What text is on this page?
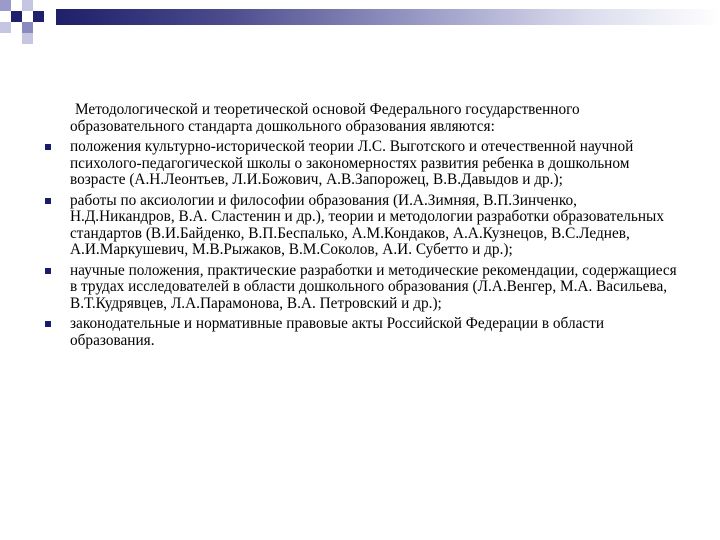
Методологической и теоретической основой Федерального государственного образовательного стандарта дошкольного образования являются:

положения культурно-исторической теории Л.С. Выготского и отечественной научной психолого-педагогической школы о закономерностях развития ребенка в дошкольном возрасте (А.Н.Леонтьев, Л.И.Божович, А.В.Запорожец, В.В.Давыдов и др.);
работы по аксиологии и философии образования (И.А.Зимняя, В.П.Зинченко, Н.Д.Никандров, В.А. Сластенин и др.), теории и методологии разработки образовательных стандартов (В.И.Байденко, В.П.Беспалько, А.М.Кондаков, А.А.Кузнецов, В.С.Леднев, А.И.Маркушевич, М.В.Рыжаков, В.М.Соколов, А.И. Субетто и др.);
научные положения, практические разработки и методические рекомендации, содержащиеся в трудах исследователей в области дошкольного образования (Л.А.Венгер, М.А. Васильева, В.Т.Кудрявцев, Л.А.Парамонова, В.А. Петровский и др.);
законодательные и нормативные правовые акты Российской Федерации в области образования.
